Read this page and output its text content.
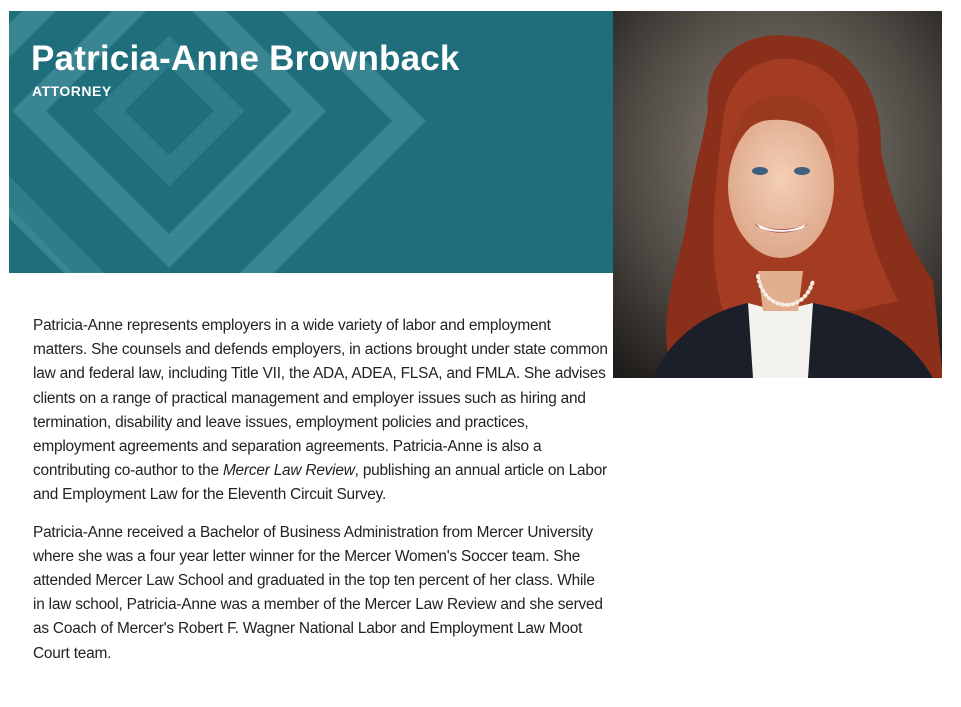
Patricia-Anne Brownback
ATTORNEY

Patricia-Anne represents employers in a wide variety of labor and employment matters. She counsels and defends employers, in actions brought under state common law and federal law, including Title VII, the ADA, ADEA, FLSA, and FMLA. She advises clients on a range of practical management and employer issues such as hiring and termination, disability and leave issues, employment policies and practices, employment agreements and separation agreements. Patricia-Anne is also a contributing co-author to the Mercer Law Review, publishing an annual article on Labor and Employment Law for the Eleventh Circuit Survey.

Patricia-Anne received a Bachelor of Business Administration from Mercer University where she was a four year letter winner for the Mercer Women's Soccer team. She attended Mercer Law School and graduated in the top ten percent of her class. While in law school, Patricia-Anne was a member of the Mercer Law Review and she served as Coach of Mercer's Robert F. Wagner National Labor and Employment Law Moot Court team.
